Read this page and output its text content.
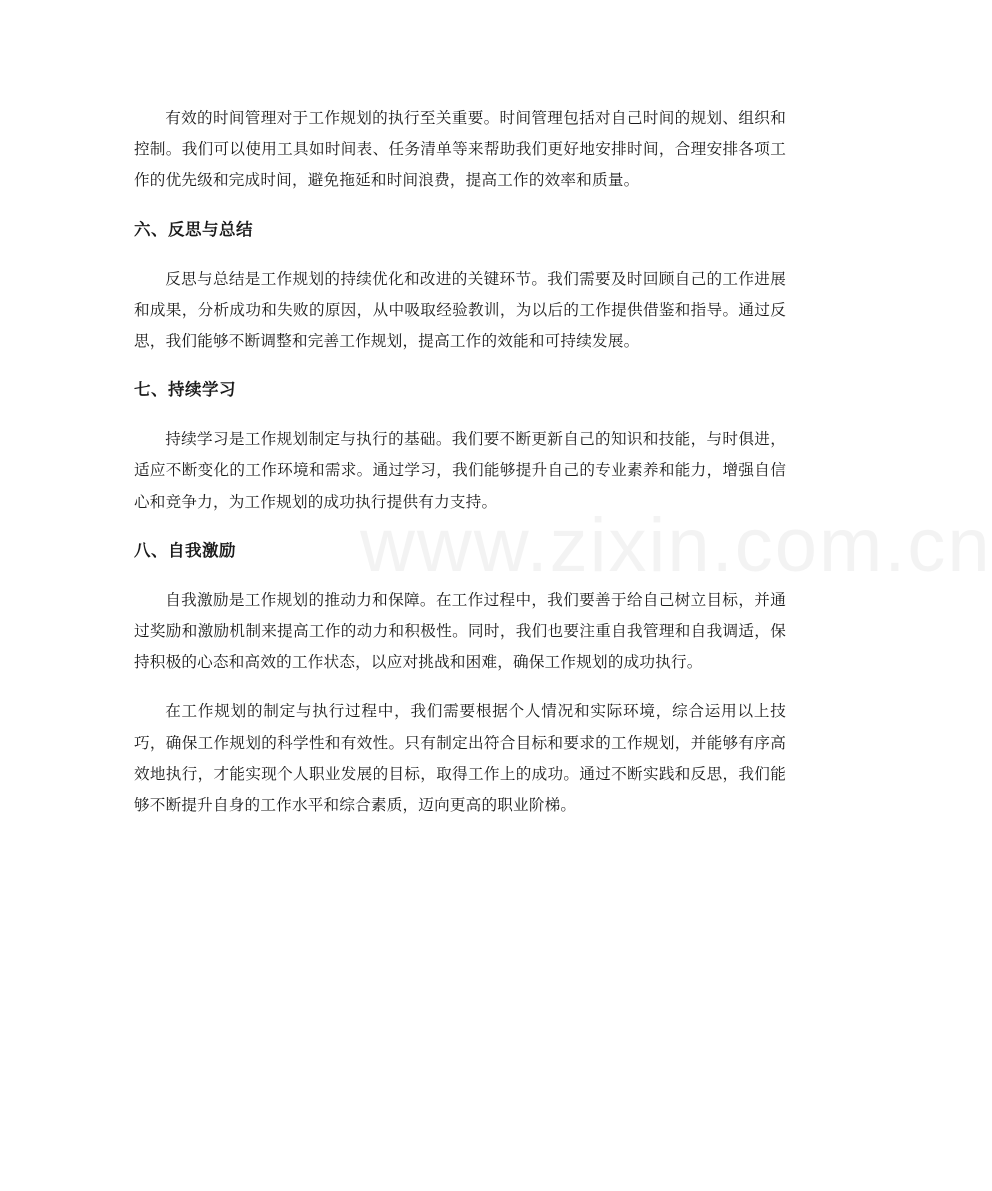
www.zixin.com.cn

有效的时间管理对于工作规划的执行至关重要。时间管理包括对自己时间的规划、组织和控制。我们可以使用工具如时间表、任务清单等来帮助我们更好地安排时间，合理安排各项工作的优先级和完成时间，避免拖延和时间浪费，提高工作的效率和质量。

六、反思与总结

反思与总结是工作规划的持续优化和改进的关键环节。我们需要及时回顾自己的工作进展和成果，分析成功和失败的原因，从中吸取经验教训，为以后的工作提供借鉴和指导。通过反思，我们能够不断调整和完善工作规划，提高工作的效能和可持续发展。

七、持续学习

持续学习是工作规划制定与执行的基础。我们要不断更新自己的知识和技能，与时俱进，适应不断变化的工作环境和需求。通过学习，我们能够提升自己的专业素养和能力，增强自信心和竞争力，为工作规划的成功执行提供有力支持。

八、自我激励

自我激励是工作规划的推动力和保障。在工作过程中，我们要善于给自己树立目标，并通过奖励和激励机制来提高工作的动力和积极性。同时，我们也要注重自我管理和自我调适，保持积极的心态和高效的工作状态，以应对挑战和困难，确保工作规划的成功执行。

在工作规划的制定与执行过程中，我们需要根据个人情况和实际环境，综合运用以上技巧，确保工作规划的科学性和有效性。只有制定出符合目标和要求的工作规划，并能够有序高效地执行，才能实现个人职业发展的目标，取得工作上的成功。通过不断实践和反思，我们能够不断提升自身的工作水平和综合素质，迈向更高的职业阶梯。
